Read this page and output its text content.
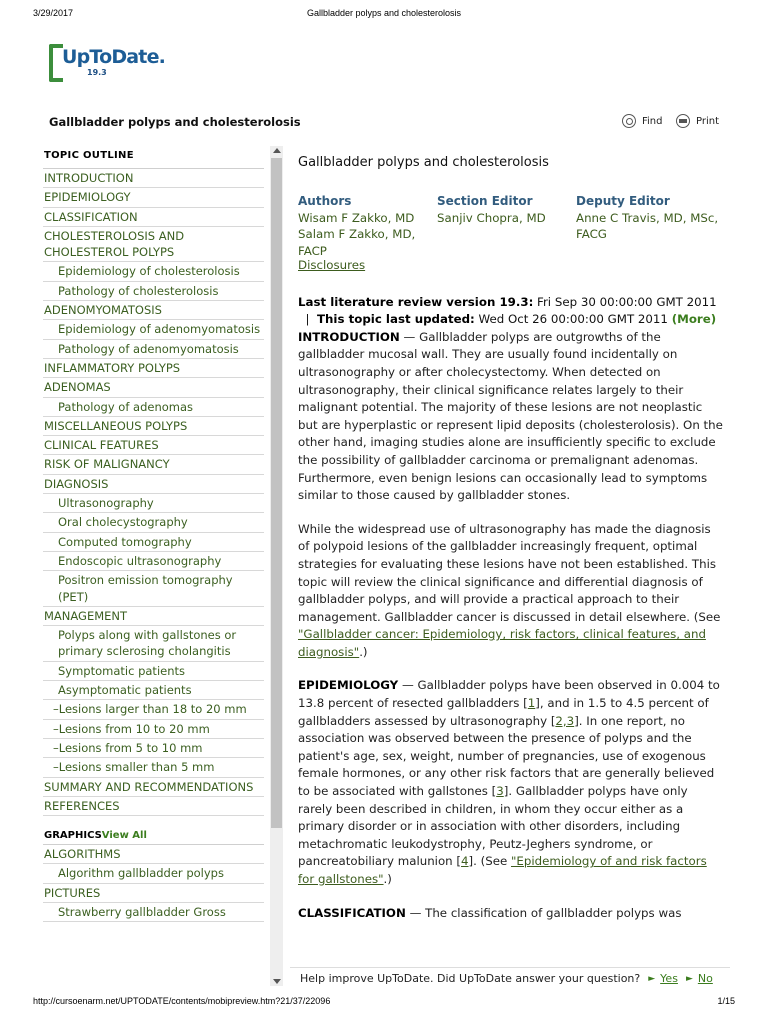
3/29/2017	Gallbladder polyps and cholesterolosis
UpToDate.
19.3
Gallbladder polyps and cholesterolosis	Find	Print
TOPIC OUTLINE
INTRODUCTION
EPIDEMIOLOGY
CLASSIFICATION
CHOLESTEROLOSIS AND CHOLESTEROL POLYPS
Epidemiology of cholesterolosis
Pathology of cholesterolosis
ADENOMYOMATOSIS
Epidemiology of adenomyomatosis
Pathology of adenomyomatosis
INFLAMMATORY POLYPS
ADENOMAS
Pathology of adenomas
MISCELLANEOUS POLYPS
CLINICAL FEATURES
RISK OF MALIGNANCY
DIAGNOSIS
Ultrasonography
Oral cholecystography
Computed tomography
Endoscopic ultrasonography
Positron emission tomography (PET)
MANAGEMENT
Polyps along with gallstones or primary sclerosing cholangitis
Symptomatic patients
Asymptomatic patients
– Lesions larger than 18 to 20 mm
– Lesions from 10 to 20 mm
– Lesions from 5 to 10 mm
– Lesions smaller than 5 mm
SUMMARY AND RECOMMENDATIONS
REFERENCES
GRAPHICSView All
ALGORITHMS
Algorithm gallbladder polyps
PICTURES
Strawberry gallbladder Gross
Gallbladder polyps and cholesterolosis
Authors
Wisam F Zakko, MD Salam F Zakko, MD, FACP
Section Editor
Sanjiv Chopra, MD
Deputy Editor
Anne C Travis, MD, MSc, FACG
Disclosures
Last literature review version 19.3: Fri Sep 30 00:00:00 GMT 2011  |  This topic last updated: Wed Oct 26 00:00:00 GMT 2011 (More)

INTRODUCTION — Gallbladder polyps are outgrowths of the gallbladder mucosal wall. They are usually found incidentally on ultrasonography or after cholecystectomy. When detected on ultrasonography, their clinical significance relates largely to their malignant potential. The majority of these lesions are not neoplastic but are hyperplastic or represent lipid deposits (cholesterolosis). On the other hand, imaging studies alone are insufficiently specific to exclude the possibility of gallbladder carcinoma or premalignant adenomas. Furthermore, even benign lesions can occasionally lead to symptoms similar to those caused by gallbladder stones.

While the widespread use of ultrasonography has made the diagnosis of polypoid lesions of the gallbladder increasingly frequent, optimal strategies for evaluating these lesions have not been established. This topic will review the clinical significance and differential diagnosis of gallbladder polyps, and will provide a practical approach to their management. Gallbladder cancer is discussed in detail elsewhere. (See "Gallbladder cancer: Epidemiology, risk factors, clinical features, and diagnosis".)

EPIDEMIOLOGY — Gallbladder polyps have been observed in 0.004 to 13.8 percent of resected gallbladders [1], and in 1.5 to 4.5 percent of gallbladders assessed by ultrasonography [2,3]. In one report, no association was observed between the presence of polyps and the patient's age, sex, weight, number of pregnancies, use of exogenous female hormones, or any other risk factors that are generally believed to be associated with gallstones [3]. Gallbladder polyps have only rarely been described in children, in whom they occur either as a primary disorder or in association with other disorders, including metachromatic leukodystrophy, Peutz-Jeghers syndrome, or pancreatobiliary malunion [4]. (See "Epidemiology of and risk factors for gallstones".)

CLASSIFICATION — The classification of gallbladder polyps was

Help improve UpToDate. Did UpToDate answer your question? ► Yes ► No
http://cursoenarm.net/UPTODATE/contents/mobipreview.htm?21/37/22096	1/15
